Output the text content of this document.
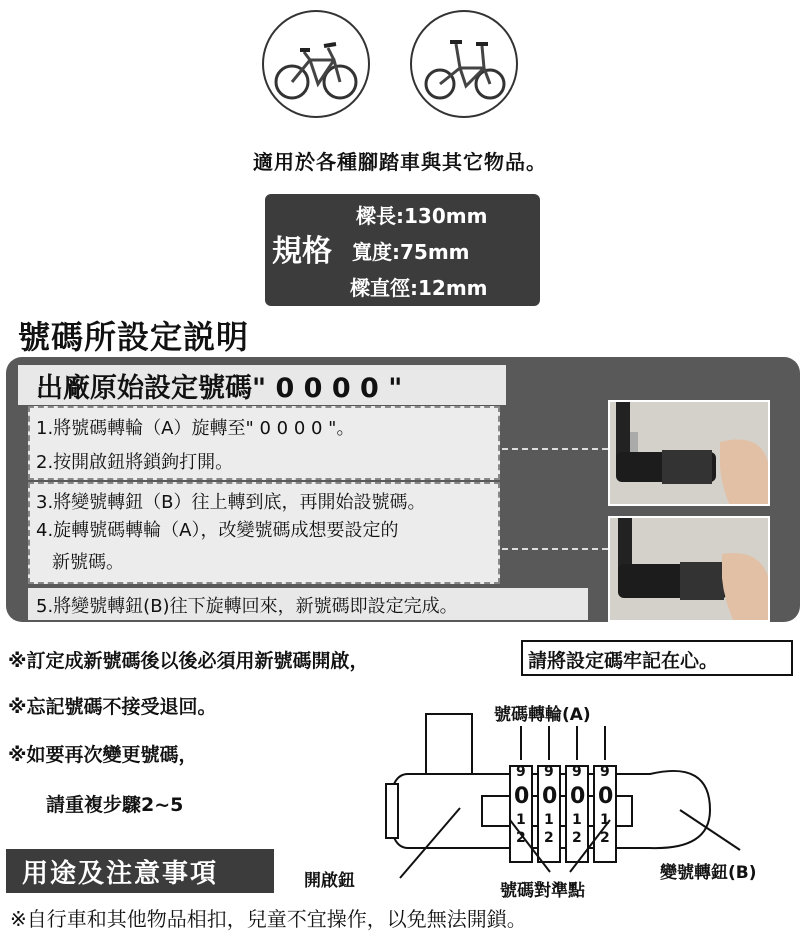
適用於各種腳踏車與其它物品。
規格
樑長:130mm
寬度:75mm
樑直徑:12mm
號碼所設定説明
出廠原始設定號碼" 0 0 0 0 "
1.將號碼轉輪（A）旋轉至" 0 0 0 0 "。
2.按開啟鈕將鎖鉤打開。
3.將變號轉鈕（B）往上轉到底，再開始設號碼。
4.旋轉號碼轉輪（A），改變號碼成想要設定的
新號碼。
5.將變號轉鈕(B)往下旋轉回來，新號碼即設定完成。
※訂定成新號碼後以後必須用新號碼開啟，	請將設定碼牢記在心。
※忘記號碼不接受退回。
※如要再次變更號碼，
請重複步驟2~5
號碼轉輪(A)
9 9 9 9
0 0 0 0
1 1 1 1
2 2 2 2
開啟鈕	號碼對準點
變號轉鈕(B)
用途及注意事項
※自行車和其他物品相扣，兒童不宜操作，以免無法開鎖。
